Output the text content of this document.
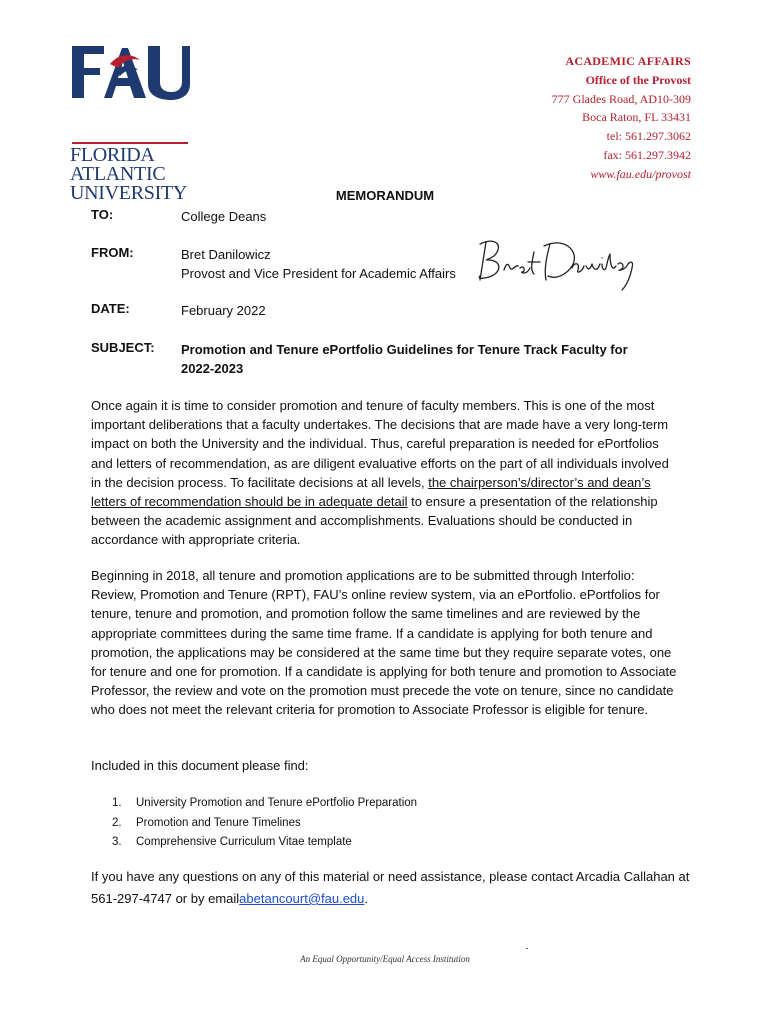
FLORIDA
ATLANTIC
UNIVERSITY
ACADEMIC AFFAIRS
Office of the Provost
777 Glades Road, AD10-309
Boca Raton, FL 33431
tel: 561.297.3062
fax: 561.297.3942
www.fau.edu/provost
MEMORANDUM
TO:	College Deans
FROM:	Bret Danilowicz
Provost and Vice President for Academic Affairs
DATE:	February 2022
SUBJECT: Promotion and Tenure ePortfolio Guidelines for Tenure Track Faculty for 2022-2023
Once again it is time to consider promotion and tenure of faculty members. This is one of the most important deliberations that a faculty undertakes. The decisions that are made have a very long-term impact on both the University and the individual. Thus, careful preparation is needed for ePortfolios and letters of recommendation, as are diligent evaluative efforts on the part of all individuals involved in the decision process. To facilitate decisions at all levels, the chairperson’s/director’s and dean’s letters of recommendation should be in adequate detail to ensure a presentation of the relationship between the academic assignment and accomplishments. Evaluations should be conducted in accordance with appropriate criteria.
Beginning in 2018, all tenure and promotion applications are to be submitted through Interfolio: Review, Promotion and Tenure (RPT), FAU’s online review system, via an ePortfolio. ePortfolios for tenure, tenure and promotion, and promotion follow the same timelines and are reviewed by the appropriate committees during the same time frame. If a candidate is applying for both tenure and promotion, the applications may be considered at the same time but they require separate votes, one for tenure and one for promotion. If a candidate is applying for both tenure and promotion to Associate Professor, the review and vote on the promotion must precede the vote on tenure, since no candidate who does not meet the relevant criteria for promotion to Associate Professor is eligible for tenure.
Included in this document please find:
1. University Promotion and Tenure ePortfolio Preparation
2. Promotion and Tenure Timelines
3. Comprehensive Curriculum Vitae template
If you have any questions on any of this material or need assistance, please contact Arcadia Callahan at 561-297-4747 or by emailabetancourt@fau.edu.
An Equal Opportunity/Equal Access Institution
